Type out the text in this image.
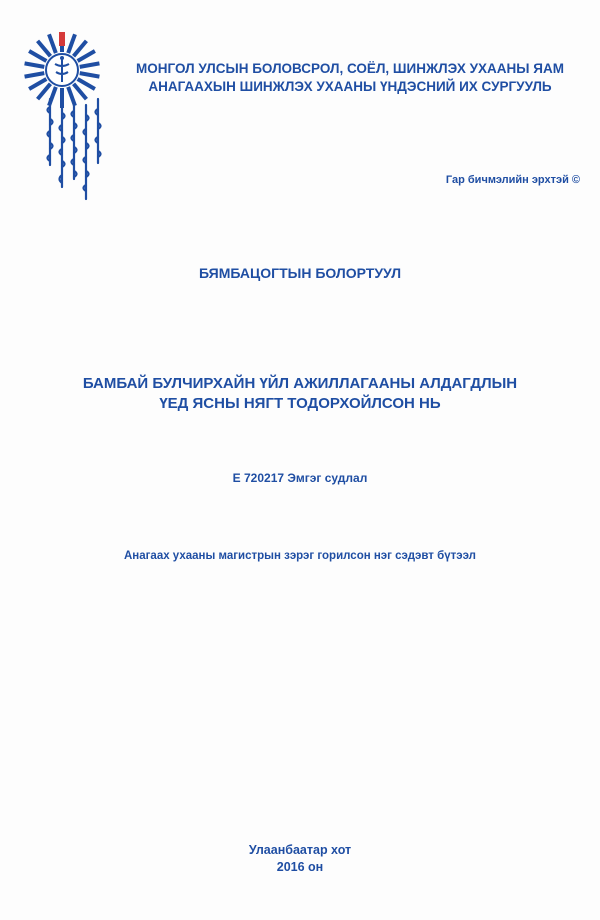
МОНГОЛ УЛСЫН БОЛОВСРОЛ, СОЁЛ, ШИНЖЛЭХ УХААНЫ ЯАМ
АНАГААХЫН ШИНЖЛЭХ УХААНЫ ҮНДЭСНИЙ ИХ СУРГУУЛЬ
Гар бичмэлийн эрхтэй ©
БЯМБАЦОГТЫН БОЛОРТУУЛ
БАМБАЙ БУЛЧИРХАЙН ҮЙЛ АЖИЛЛАГААНЫ АЛДАГДЛЫН
ҮЕД ЯСНЫ НЯГТ ТОДОРХОЙЛСОН НЬ
Е 720217 Эмгэг судлал
Анагаах ухааны магистрын зэрэг горилсон нэг сэдэвт бүтээл
Улаанбаатар хот
2016 он
